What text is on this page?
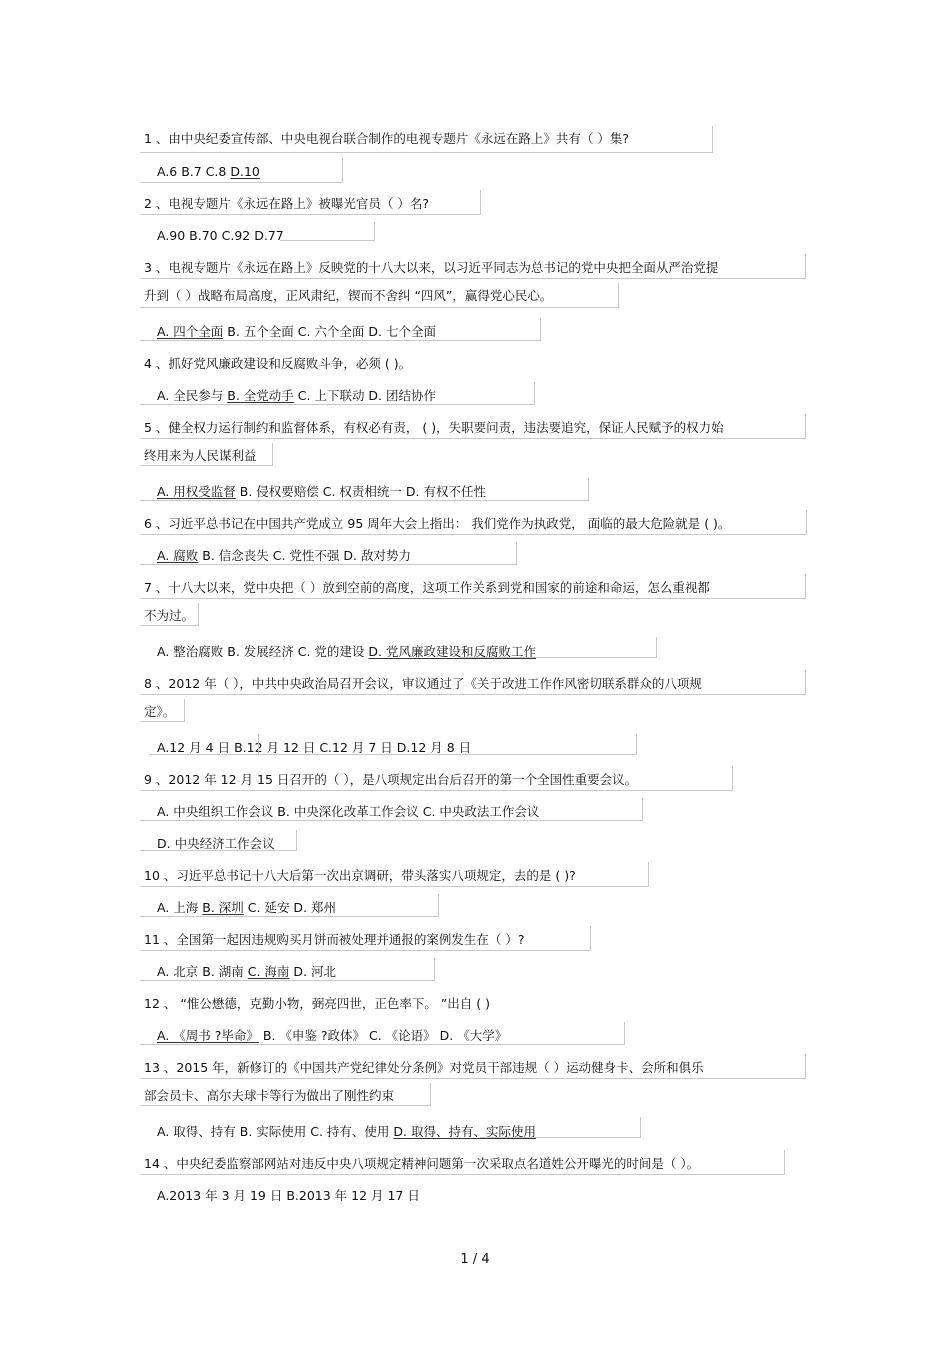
1 、由中央纪委宣传部、中央电视台联合制作的电视专题片《永远在路上》共有（ ）集?
A.6 B.7 C.8 D.10
2 、电视专题片《永远在路上》被曝光官员（ ）名?
A.90 B.70 C.92 D.77
3 、电视专题片《永远在路上》反映党的十八大以来，以习近平同志为总书记的党中央把全面从严治党提
升到（ ）战略布局高度，正风肃纪，锲而不舍纠 “四风”，赢得党心民心。
A. 四个全面 B. 五个全面 C. 六个全面 D. 七个全面
4 、抓好党风廉政建设和反腐败斗争，必须 ( )。
A. 全民参与 B. 全党动手 C. 上下联动 D. 团结协作
5 、健全权力运行制约和监督体系，有权必有责， ( )，失职要问责，违法要追究，保证人民赋予的权力始
终用来为人民谋利益
A. 用权受监督 B. 侵权要赔偿 C. 权责相统一 D. 有权不任性
6 、习近平总书记在中国共产党成立 95 周年大会上指出： 我们党作为执政党， 面临的最大危险就是 ( )。
A. 腐败 B. 信念丧失 C. 党性不强 D. 敌对势力
7 、十八大以来，党中央把（ ）放到空前的高度，这项工作关系到党和国家的前途和命运，怎么重视都
不为过。
A. 整治腐败 B. 发展经济 C. 党的建设 D. 党风廉政建设和反腐败工作
8 、2012 年（ ），中共中央政治局召开会议，审议通过了《关于改进工作作风密切联系群众的八项规
定》。
A.12 月 4 日 B.12 月 12 日 C.12 月 7 日 D.12 月 8 日
9 、2012 年 12 月 15 日召开的（ ），是八项规定出台后召开的第一个全国性重要会议。
A. 中央组织工作会议 B. 中央深化改革工作会议 C. 中央政法工作会议
D. 中央经济工作会议
10 、习近平总书记十八大后第一次出京调研，带头落实八项规定，去的是 ( )?
A. 上海 B. 深圳 C. 延安 D. 郑州
11 、全国第一起因违规购买月饼而被处理并通报的案例发生在（ ）?
A. 北京 B. 湖南 C. 海南 D. 河北
12 、 “惟公懋德，克勤小物，弼亮四世，正色率下。 ”出自 ( )
A. 《周书 ?毕命》 B. 《申鉴 ?政体》 C. 《论语》 D. 《大学》
13 、2015 年，新修订的《中国共产党纪律处分条例》对党员干部违规（ ）运动健身卡、会所和俱乐
部会员卡、高尔夫球卡等行为做出了刚性约束
A. 取得、持有 B. 实际使用 C. 持有、使用 D. 取得、持有、实际使用
14 、中央纪委监察部网站对违反中央八项规定精神问题第一次采取点名道姓公开曝光的时间是（ ）。
A.2013 年 3 月 19 日 B.2013 年 12 月 17 日
1 / 4
